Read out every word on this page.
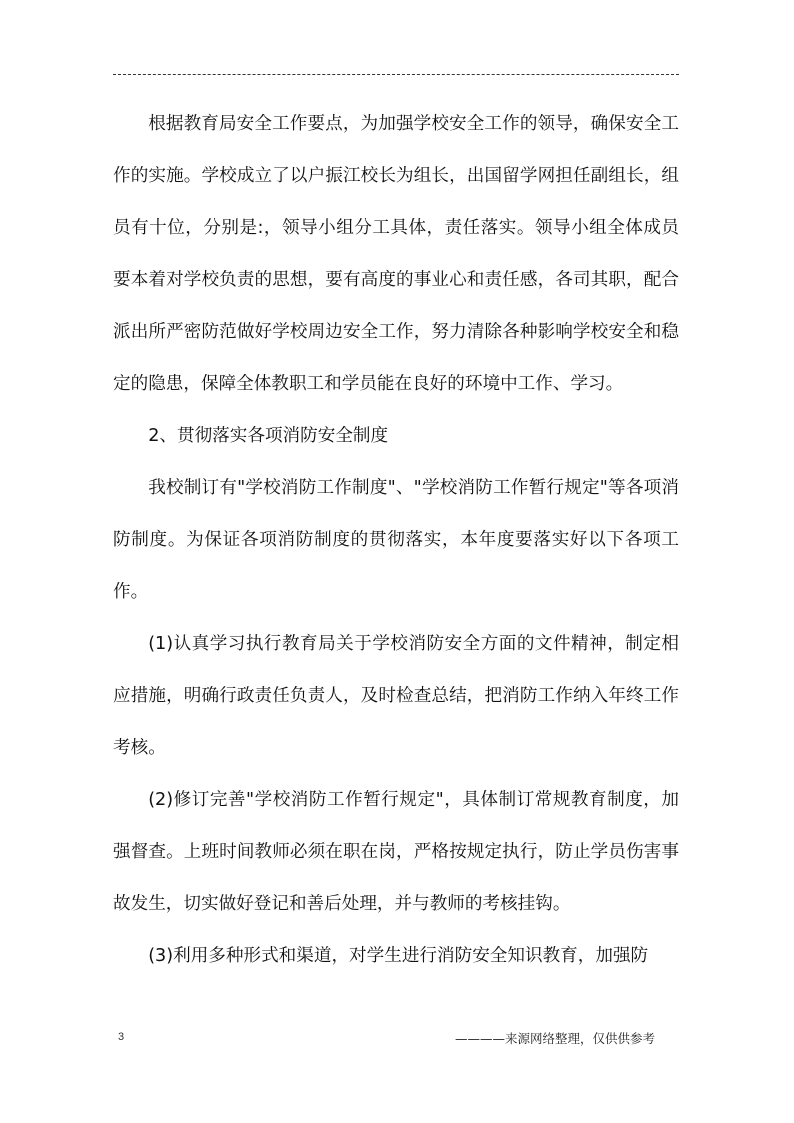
根据教育局安全工作要点，为加强学校安全工作的领导，确保安全工作的实施。学校成立了以户振江校长为组长，出国留学网担任副组长，组员有十位，分别是:，领导小组分工具体，责任落实。领导小组全体成员要本着对学校负责的思想，要有高度的事业心和责任感，各司其职，配合派出所严密防范做好学校周边安全工作，努力清除各种影响学校安全和稳定的隐患，保障全体教职工和学员能在良好的环境中工作、学习。

2、贯彻落实各项消防安全制度

我校制订有"学校消防工作制度"、"学校消防工作暂行规定"等各项消防制度。为保证各项消防制度的贯彻落实，本年度要落实好以下各项工作。

(1)认真学习执行教育局关于学校消防安全方面的文件精神，制定相应措施，明确行政责任负责人，及时检查总结，把消防工作纳入年终工作考核。

(2)修订完善"学校消防工作暂行规定"，具体制订常规教育制度，加强督查。上班时间教师必须在职在岗，严格按规定执行，防止学员伤害事故发生，切实做好登记和善后处理，并与教师的考核挂钩。

(3)利用多种形式和渠道，对学生进行消防安全知识教育，加强防

3	————来源网络整理，仅供供参考
